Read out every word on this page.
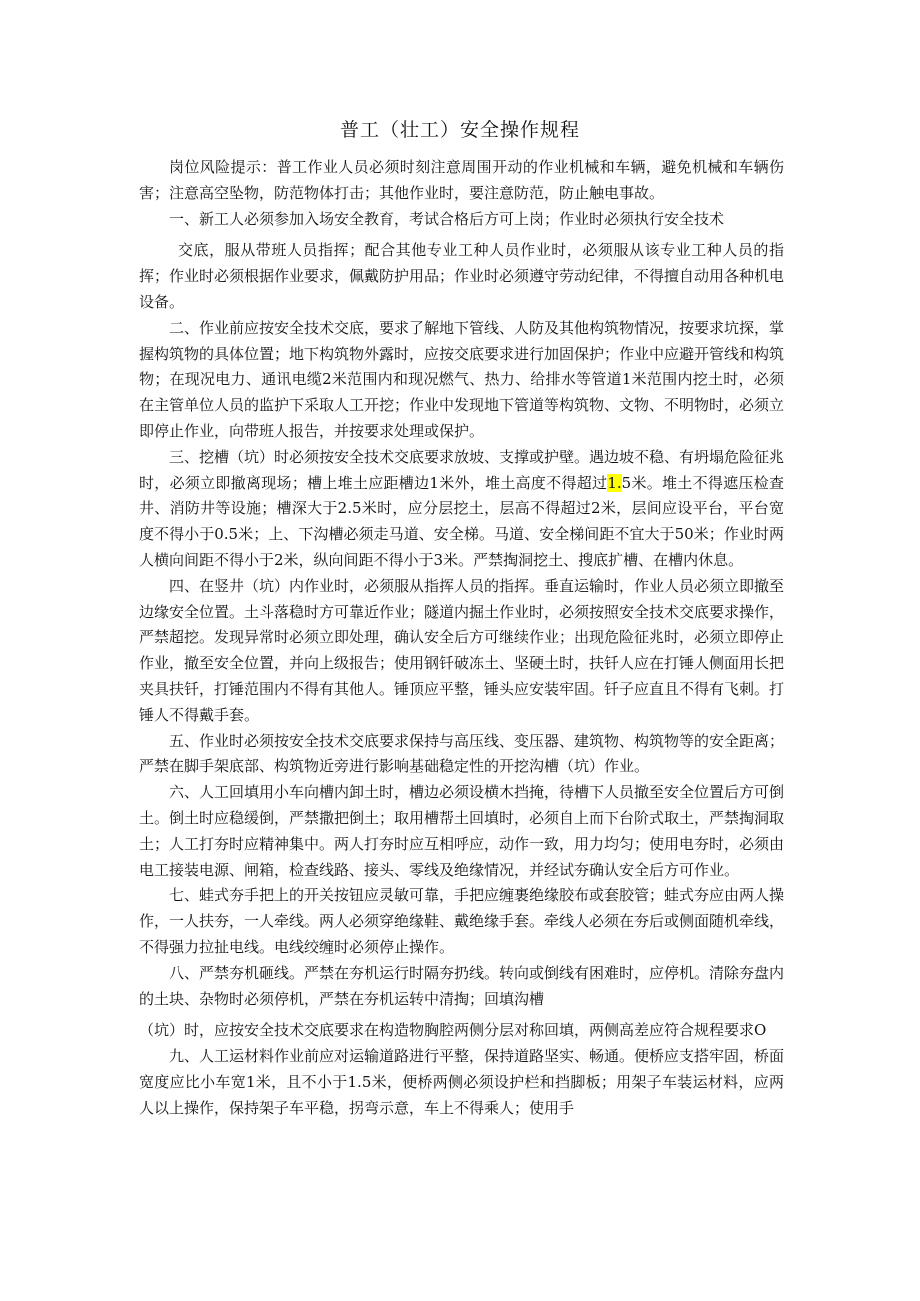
普工（壮工）安全操作规程

岗位风险提示：普工作业人员必须时刻注意周围开动的作业机械和车辆，避免机械和车辆伤害；注意高空坠物，防范物体打击；其他作业时，要注意防范，防止触电事故。

一、新工人必须参加入场安全教育，考试合格后方可上岗；作业时必须执行安全技术

交底，服从带班人员指挥；配合其他专业工种人员作业时，必须服从该专业工种人员的指挥；作业时必须根据作业要求，佩戴防护用品；作业时必须遵守劳动纪律，不得擅自动用各种机电设备。

二、作业前应按安全技术交底，要求了解地下管线、人防及其他构筑物情况，按要求坑探，掌握构筑物的具体位置；地下构筑物外露时，应按交底要求进行加固保护；作业中应避开管线和构筑物；在现况电力、通讯电缆2米范围内和现况燃气、热力、给排水等管道1米范围内挖土时，必须在主管单位人员的监护下采取人工开挖；作业中发现地下管道等构筑物、文物、不明物时，必须立即停止作业，向带班人报告，并按要求处理或保护。

三、挖槽（坑）时必须按安全技术交底要求放坡、支撑或护壁。遇边坡不稳、有坍塌危险征兆时，必须立即撤离现场；槽上堆土应距槽边1米外，堆土高度不得超过1.5米。堆土不得遮压检查井、消防井等设施；槽深大于2.5米时，应分层挖土，层高不得超过2米，层间应设平台，平台宽度不得小于0.5米；上、下沟槽必须走马道、安全梯。马道、安全梯间距不宜大于50米；作业时两人横向间距不得小于2米，纵向间距不得小于3米。严禁掏洞挖土、搜底扩槽、在槽内休息。

四、在竖井（坑）内作业时，必须服从指挥人员的指挥。垂直运输时，作业人员必须立即撤至边缘安全位置。土斗落稳时方可靠近作业；隧道内掘土作业时，必须按照安全技术交底要求操作，严禁超挖。发现异常时必须立即处理，确认安全后方可继续作业；出现危险征兆时，必须立即停止作业，撤至安全位置，并向上级报告；使用钢钎破冻土、坚硬土时，扶钎人应在打锤人侧面用长把夹具扶钎，打锤范围内不得有其他人。锤顶应平整，锤头应安装牢固。钎子应直且不得有飞刺。打锤人不得戴手套。

五、作业时必须按安全技术交底要求保持与高压线、变压器、建筑物、构筑物等的安全距离；严禁在脚手架底部、构筑物近旁进行影响基础稳定性的开挖沟槽（坑）作业。

六、人工回填用小车向槽内卸土时，槽边必须设横木挡掩，待槽下人员撤至安全位置后方可倒土。倒土时应稳缓倒，严禁撒把倒土；取用槽帮土回填时，必须自上而下台阶式取土，严禁掏洞取土；人工打夯时应精神集中。两人打夯时应互相呼应，动作一致，用力均匀；使用电夯时，必须由电工接装电源、闸箱，检查线路、接头、零线及绝缘情况，并经试夯确认安全后方可作业。

七、蛙式夯手把上的开关按钮应灵敏可靠，手把应缠裹绝缘胶布或套胶管；蛙式夯应由两人操作，一人扶夯，一人牵线。两人必须穿绝缘鞋、戴绝缘手套。牵线人必须在夯后或侧面随机牵线，不得强力拉扯电线。电线绞缠时必须停止操作。

八、严禁夯机砸线。严禁在夯机运行时隔夯扔线。转向或倒线有困难时，应停机。清除夯盘内的土块、杂物时必须停机，严禁在夯机运转中清掏；回填沟槽

（坑）时，应按安全技术交底要求在构造物胸腔两侧分层对称回填，两侧高差应符合规程要求O

九、人工运材料作业前应对运输道路进行平整，保持道路坚实、畅通。便桥应支搭牢固，桥面宽度应比小车宽1米，且不小于1.5米，便桥两侧必须设护栏和挡脚板；用架子车装运材料，应两人以上操作，保持架子车平稳，拐弯示意，车上不得乘人；使用手
